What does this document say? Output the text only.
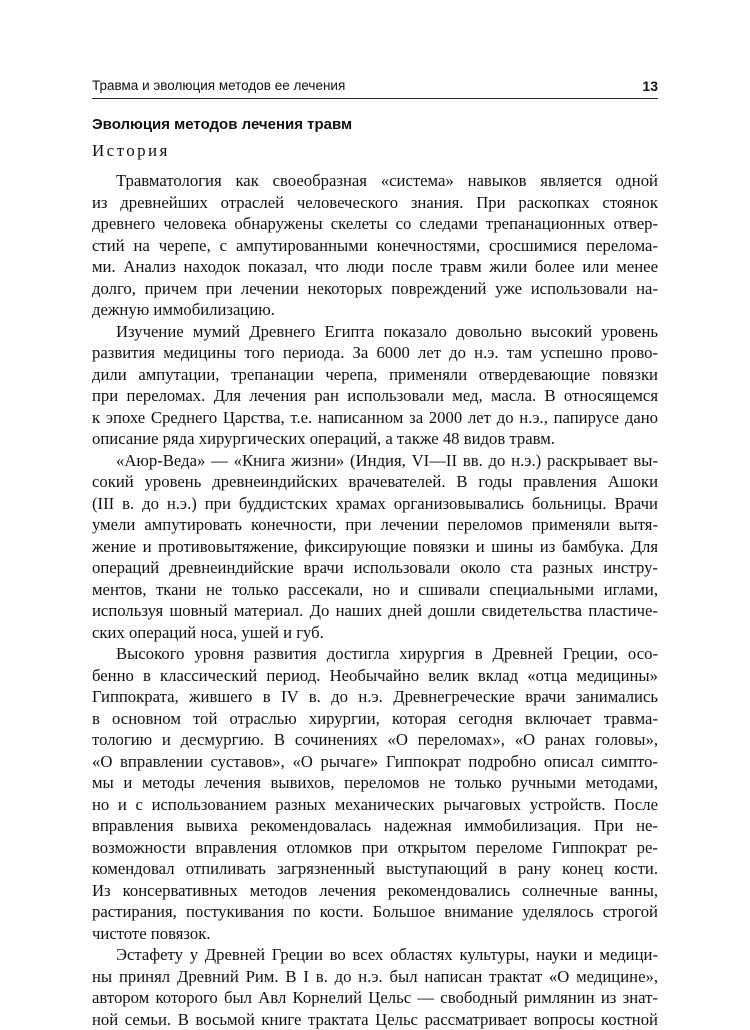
Травма и эволюция методов ее лечения	13
Эволюция методов лечения травм
История
Травматология как своеобразная «система» навыков является одной
из древнейших отраслей человеческого знания. При раскопках стоянок
древнего человека обнаружены скелеты со следами трепанационных отвер-
стий на черепе, с ампутированными конечностями, сросшимися перелома-
ми. Анализ находок показал, что люди после травм жили более или менее
долго, причем при лечении некоторых повреждений уже использовали на-
дежную иммобилизацию.
Изучение мумий Древнего Египта показало довольно высокий уровень
развития медицины того периода. За 6000 лет до н.э. там успешно прово-
дили ампутации, трепанации черепа, применяли отвердевающие повязки
при переломах. Для лечения ран использовали мед, масла. В относящемся
к эпохе Среднего Царства, т.е. написанном за 2000 лет до н.э., папирусе дано
описание ряда хирургических операций, а также 48 видов травм.
«Аюр-Веда» — «Книга жизни» (Индия, VI—II вв. до н.э.) раскрывает вы-
сокий уровень древнеиндийских врачевателей. В годы правления Ашоки
(III в. до н.э.) при буддистских храмах организовывались больницы. Врачи
умели ампутировать конечности, при лечении переломов применяли вытя-
жение и противовытяжение, фиксирующие повязки и шины из бамбука. Для
операций древнеиндийские врачи использовали около ста разных инстру-
ментов, ткани не только рассекали, но и сшивали специальными иглами,
используя шовный материал. До наших дней дошли свидетельства пластиче-
ских операций носа, ушей и губ.
Высокого уровня развития достигла хирургия в Древней Греции, осо-
бенно в классический период. Необычайно велик вклад «отца медицины»
Гиппократа, жившего в IV в. до н.э. Древнегреческие врачи занимались
в основном той отраслью хирургии, которая сегодня включает травма-
тологию и десмургию. В сочинениях «О переломах», «О ранах головы»,
«О вправлении суставов», «О рычаге» Гиппократ подробно описал симпто-
мы и методы лечения вывихов, переломов не только ручными методами,
но и с использованием разных механических рычаговых устройств. После
вправления вывиха рекомендовалась надежная иммобилизация. При не-
возможности вправления отломков при открытом переломе Гиппократ ре-
комендовал отпиливать загрязненный выступающий в рану конец кости.
Из консервативных методов лечения рекомендовались солнечные ванны,
растирания, постукивания по кости. Большое внимание уделялось строгой
чистоте повязок.
Эстафету у Древней Греции во всех областях культуры, науки и медици-
ны принял Древний Рим. В I в. до н.э. был написан трактат «О медицине»,
автором которого был Авл Корнелий Цельс — свободный римлянин из знат-
ной семьи. В восьмой книге трактата Цельс рассматривает вопросы костной
